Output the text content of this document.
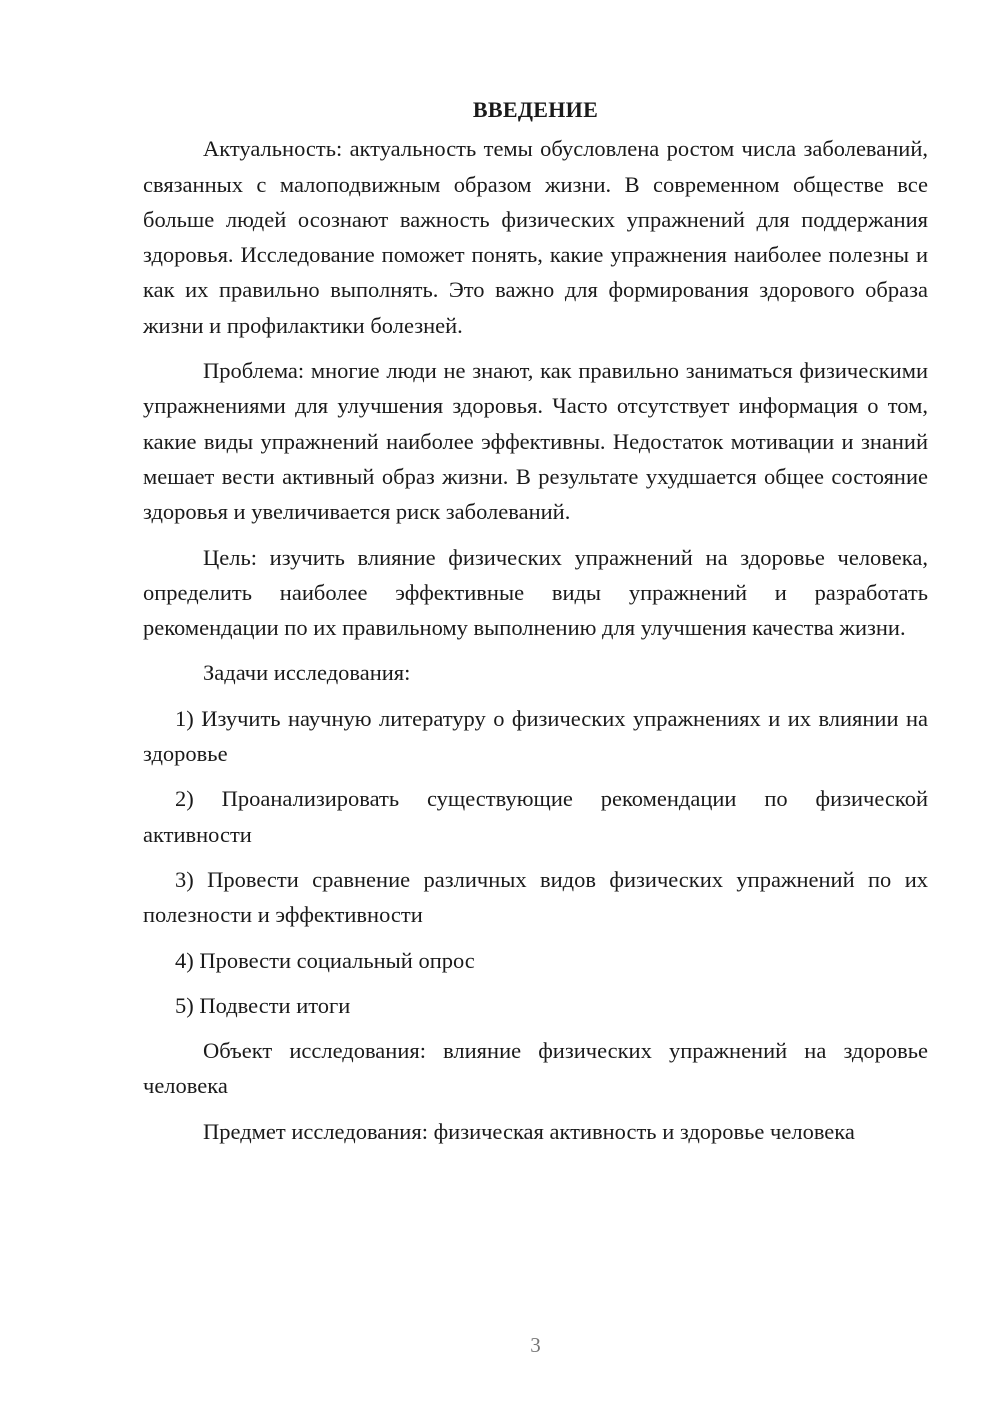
ВВЕДЕНИЕ

Актуальность: актуальность темы обусловлена ростом числа заболеваний, связанных с малоподвижным образом жизни. В современном обществе все больше людей осознают важность физических упражнений для поддержания здоровья. Исследование поможет понять, какие упражнения наиболее полезны и как их правильно выполнять. Это важно для формирования здорового образа жизни и профилактики болезней.

Проблема: многие люди не знают, как правильно заниматься физическими упражнениями для улучшения здоровья. Часто отсутствует информация о том, какие виды упражнений наиболее эффективны. Недостаток мотивации и знаний мешает вести активный образ жизни. В результате ухудшается общее состояние здоровья и увеличивается риск заболеваний.

Цель: изучить влияние физических упражнений на здоровье человека, определить наиболее эффективные виды упражнений и разработать рекомендации по их правильному выполнению для улучшения качества жизни.

Задачи исследования:

1) Изучить научную литературу о физических упражнениях и их влиянии на здоровье

2) Проанализировать существующие рекомендации по физической активности

3) Провести сравнение различных видов физических упражнений по их полезности и эффективности

4) Провести социальный опрос

5) Подвести итоги

Объект исследования: влияние физических упражнений на здоровье человека

Предмет исследования: физическая активность и здоровье человека

3
